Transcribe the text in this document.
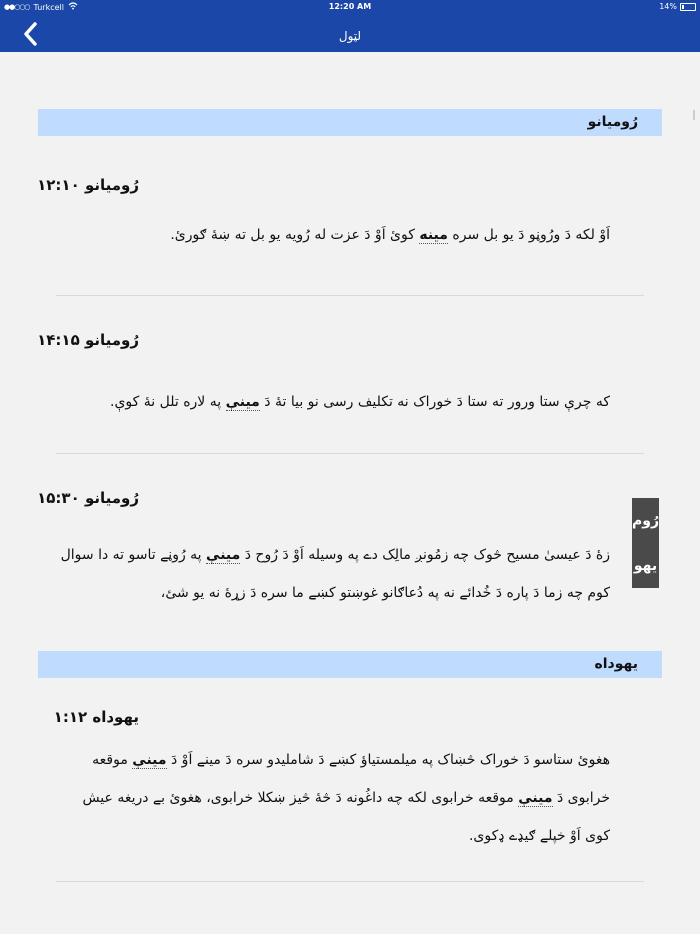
●●○○○ Turkcell	12:20 AM	14%
لټول
رُوميانو
رُوميانو ۱۲:۱۰
اَوْ لکه دَ ورُوڼو دَ يو بل سره مينه کوئ اَوْ دَ عزت له رُويه يو بل ته ښۀ ګورئ.
رُوميانو ۱۴:۱۵
که چرې ستا ورور ته ستا دَ خوراک نه تکليف رسی نو بيا تۀ دَ مينې په لاره تلل نۀ کوې.
رُوميانو ۱۵:۳۰
زۀ دَ عيسىٰ مسيح څوک چه زمُونږ مالِک دے په وسيله اَوْ دَ رُوح دَ مينې په رُوڼے تاسو ته دا سوال کوم چه زما دَ پاره دَ خُدائے نه په دُعاګانو غوښتو کښے ما سره دَ زړۀ نه يو شئ،
يهوداه
يهوداه ۱:۱۲
هغوئ ستاسو دَ خوراک څښاک په ميلمستياؤ کښے دَ شامليدو سره دَ مينے اَوْ دَ مينې موقعه خرابوی دَ مينې موقعه خرابوی لکه چه داغُونه دَ څۀ څيز ښکلا خرابوی، هغوئ بے دريغه عيش کوی اَوْ خپلے ګيډے ډکوی.
رُوم
يهو
